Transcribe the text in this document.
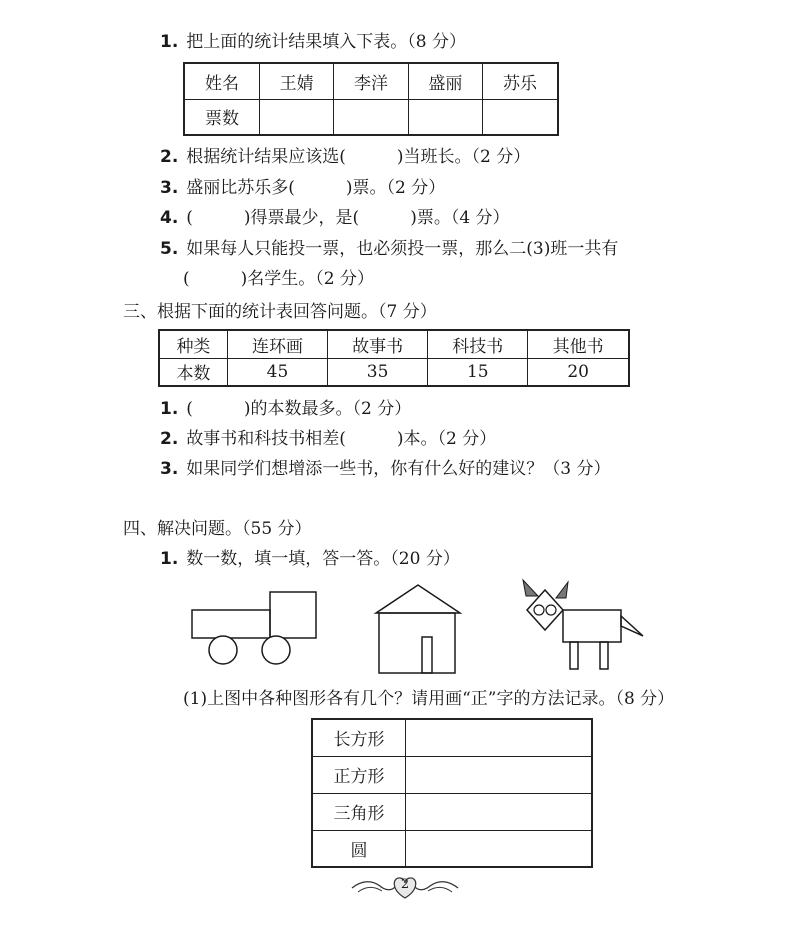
1. 把上面的统计结果填入下表。（8 分）
姓名	王婧	李洋	盛丽	苏乐
票数				
2. 根据统计结果应该选(　　　)当班长。（2 分）
3. 盛丽比苏乐多(　　　)票。（2 分）
4. (　　　)得票最少，是(　　　)票。（4 分）
5. 如果每人只能投一票，也必须投一票，那么二(3)班一共有
(　　　)名学生。（2 分）
三、根据下面的统计表回答问题。（7 分）
种类	连环画	故事书	科技书	其他书
本数	45	35	15	20
1. (　　　)的本数最多。（2 分）
2. 故事书和科技书相差(　　　)本。（2 分）
3. 如果同学们想增添一些书，你有什么好的建议？（3 分）
四、解决问题。（55 分）
1. 数一数，填一填，答一答。（20 分）
(1)上图中各种图形各有几个？请用画“正”字的方法记录。（8 分）
长方形	
正方形	
三角形	
圆	
2
